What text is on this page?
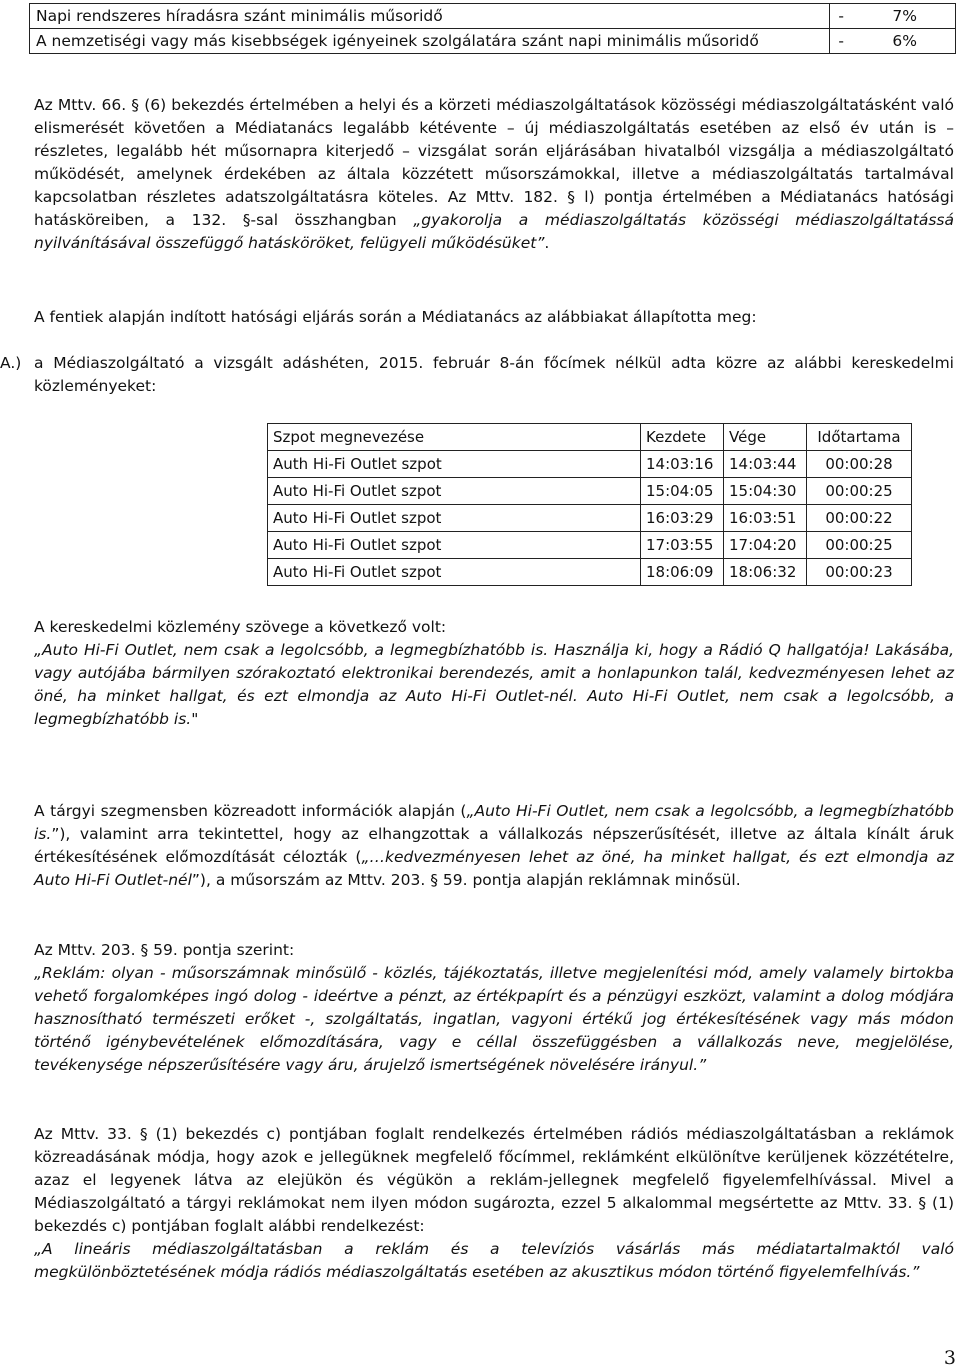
Napi rendszeres híradásra szánt minimális műsoridő	- 7%
A nemzetiségi vagy más kisebbségek igényeinek szolgálatára szánt napi minimális műsoridő	- 6%

Az Mttv. 66. § (6) bekezdés értelmében a helyi és a körzeti médiaszolgáltatások közösségi médiaszolgáltatásként való elismerését követően a Médiatanács legalább kétévente – új médiaszolgáltatás esetében az első év után is – részletes, legalább hét műsornapra kiterjedő – vizsgálat során eljárásában hivatalból vizsgálja a médiaszolgáltató működését, amelynek érdekében az általa közzétett műsorszámokkal, illetve a médiaszolgáltatás tartalmával kapcsolatban részletes adatszolgáltatásra köteles. Az Mttv. 182. § l) pontja értelmében a Médiatanács hatósági hatásköreiben, a 132. §-sal összhangban „gyakorolja a médiaszolgáltatás közösségi médiaszolgáltatássá nyilvánításával összefüggő hatásköröket, felügyeli működésüket”.

A fentiek alapján indított hatósági eljárás során a Médiatanács az alábbiakat állapította meg:

A.) a Médiaszolgáltató a vizsgált adáshéten, 2015. február 8-án főcímek nélkül adta közre az alábbi kereskedelmi közleményeket:

A kereskedelmi közlemény szövege a következő volt:

„Auto Hi-Fi Outlet, nem csak a legolcsóbb, a legmegbízhatóbb is. Használja ki, hogy a Rádió Q hallgatója! Lakásába, vagy autójába bármilyen szórakoztató elektronikai berendezés, amit a honlapunkon talál, kedvezményesen lehet az öné, ha minket hallgat, és ezt elmondja az Auto Hi-Fi Outlet-nél. Auto Hi-Fi Outlet, nem csak a legolcsóbb, a legmegbízhatóbb is."

A tárgyi szegmensben közreadott információk alapján („Auto Hi-Fi Outlet, nem csak a legolcsóbb, a legmegbízhatóbb is.”), valamint arra tekintettel, hogy az elhangzottak a vállalkozás népszerűsítését, illetve az általa kínált áruk értékesítésének előmozdítását célozták („…kedvezményesen lehet az öné, ha minket hallgat, és ezt elmondja az Auto Hi-Fi Outlet-nél”), a műsorszám az Mttv. 203. § 59. pontja alapján reklámnak minősül.

Az Mttv. 203. § 59. pontja szerint:

„Reklám: olyan - műsorszámnak minősülő - közlés, tájékoztatás, illetve megjelenítési mód, amely valamely birtokba vehető forgalomképes ingó dolog - ideértve a pénzt, az értékpapírt és a pénzügyi eszközt, valamint a dolog módjára hasznosítható természeti erőket -, szolgáltatás, ingatlan, vagyoni értékű jog értékesítésének vagy más módon történő igénybevételének előmozdítására, vagy e céllal összefüggésben a vállalkozás neve, megjelölése, tevékenysége népszerűsítésére vagy áru, árujelző ismertségének növelésére irányul.”

Az Mttv. 33. § (1) bekezdés c) pontjában foglalt rendelkezés értelmében rádiós médiaszolgáltatásban a reklámok közreadásának módja, hogy azok e jellegüknek megfelelő főcímmel, reklámként elkülönítve kerüljenek közzétételre, azaz el legyenek látva az elejükön és végükön a reklám-jellegnek megfelelő figyelemfelhívással. Mivel a Médiaszolgáltató a tárgyi reklámokat nem ilyen módon sugározta, ezzel 5 alkalommal megsértette az Mttv. 33. § (1) bekezdés c) pontjában foglalt alábbi rendelkezést:

„A lineáris médiaszolgáltatásban a reklám és a televíziós vásárlás más médiatartalmaktól való megkülönböztetésének módja rádiós médiaszolgáltatás esetében az akusztikus módon történő figyelemfelhívás.”

Szpot megnevezése	Kezdete	Vége	Időtartama
Auth Hi-Fi Outlet szpot	14:03:16	14:03:44	00:00:28
Auto Hi-Fi Outlet szpot	15:04:05	15:04:30	00:00:25
Auto Hi-Fi Outlet szpot	16:03:29	16:03:51	00:00:22
Auto Hi-Fi Outlet szpot	17:03:55	17:04:20	00:00:25
Auto Hi-Fi Outlet szpot	18:06:09	18:06:32	00:00:23
3
